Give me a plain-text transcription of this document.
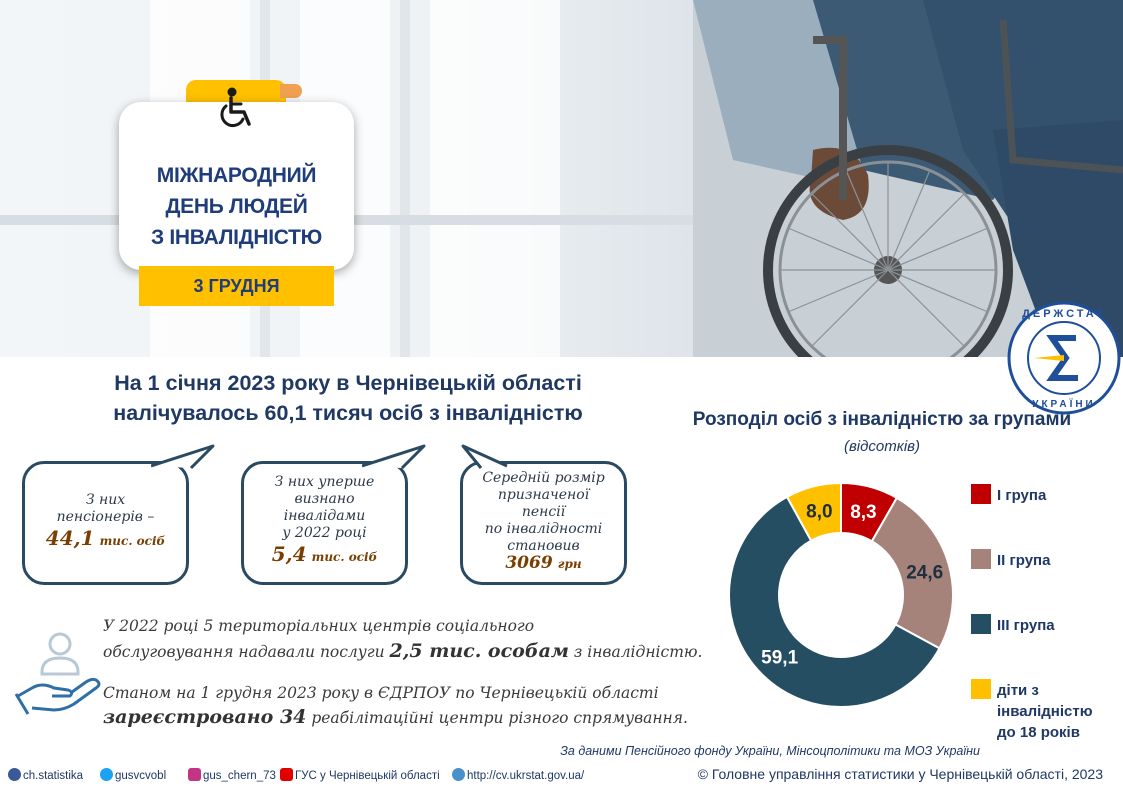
МІЖНАРОДНИЙ
ДЕНЬ ЛЮДЕЙ
З ІНВАЛІДНІСТЮ
3 ГРУДНЯ
ДЕРЖСТАТ
УКРАЇНИ
На 1 січня 2023 року в Чернівецькій області
налічувалось 60,1 тисяч осіб з інвалідністю
З них
пенсіонерів –
44,1 тис. осіб
З них уперше
визнано
інвалідами
у 2022 році
5,4 тис. осіб
Середній розмір
призначеної
пенсії
по інвалідності
становив
3069 грн
У 2022 році 5 територіальних центрів соціального
обслуговування надавали послуги 2,5 тис. особам з інвалідністю.
Станом на 1 грудня 2023 року в ЄДРПОУ по Чернівецькій області
зареєстровано 34 реабілітаційні центри різного спрямування.
Розподіл осіб з інвалідністю за групами
(відсотків)
8,3
24,6
59,1
8,0
I група
II група
III група
діти з
інвалідністю
до 18 років
За даними Пенсійного фонду України, Мінсоцполітики та МОЗ України
ch.statistika	gusvcvobl	gus_chern_73	ГУС у Чернівецькій області	http://cv.ukrstat.gov.ua/	© Головне управління статистики у Чернівецькій області, 2023
